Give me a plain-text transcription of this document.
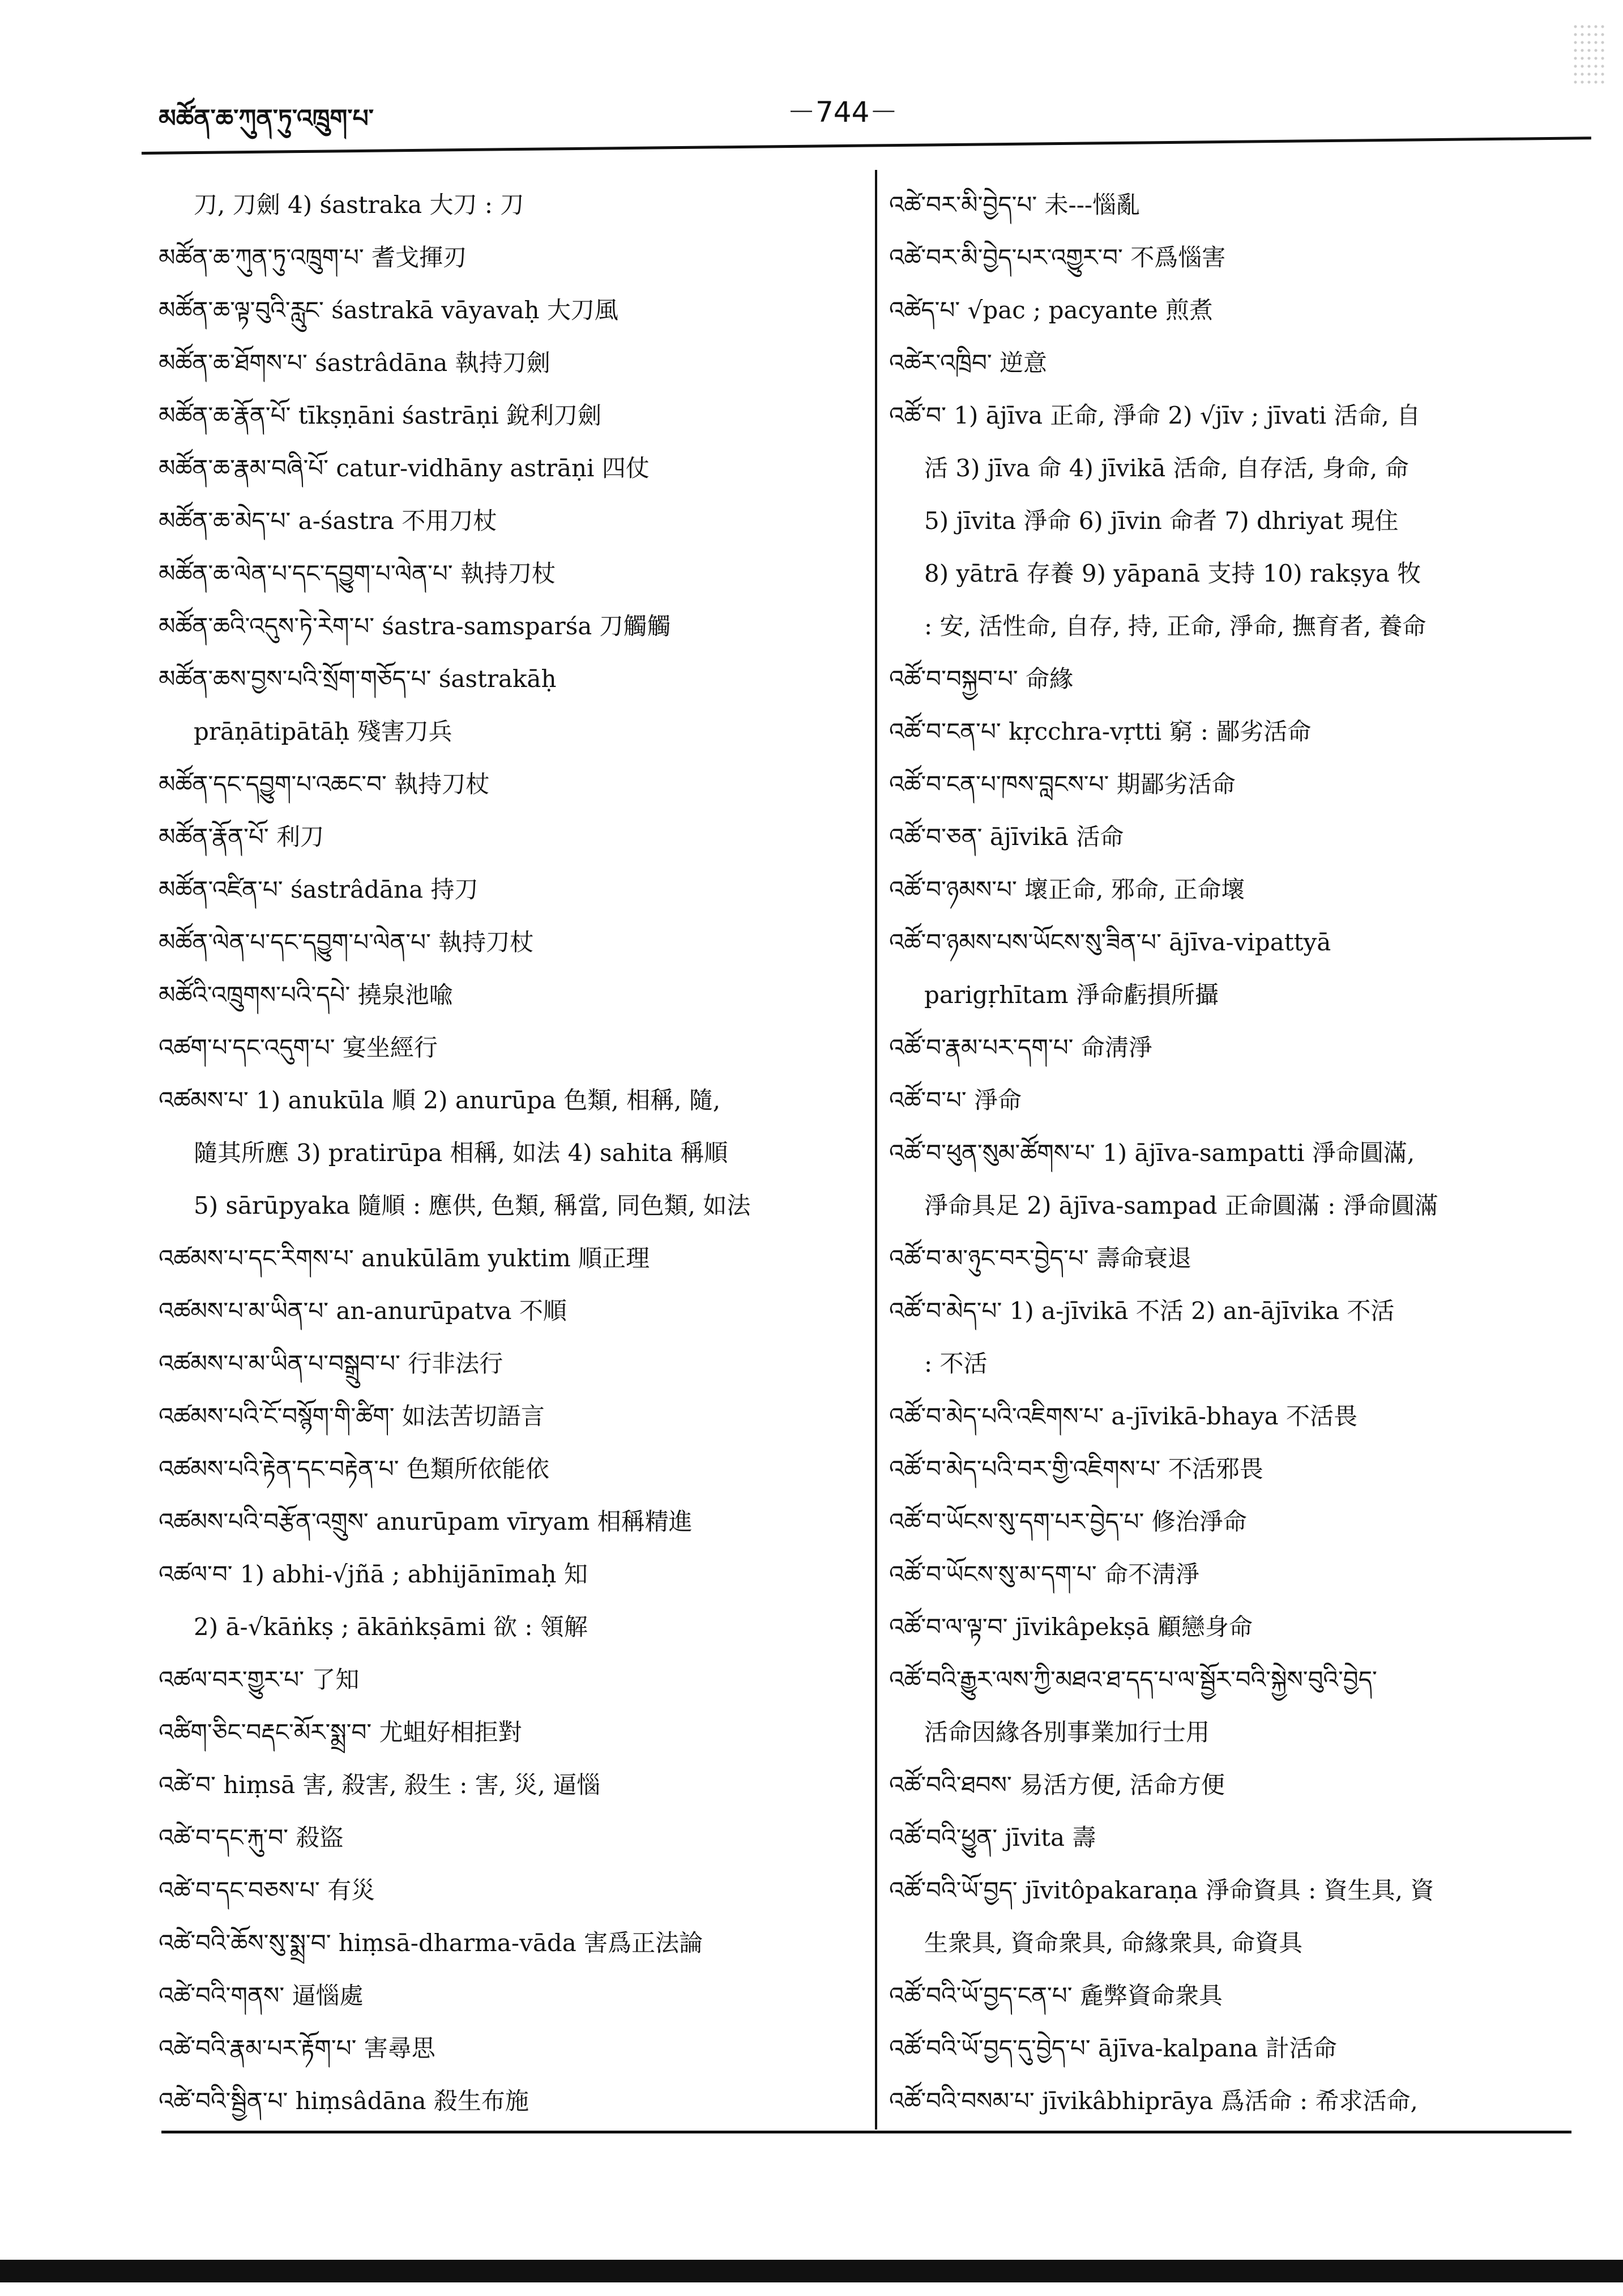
མཚོན་ཆ་ཀུན་ཏུ་འཁྲུག་པ་	－744－
刀, 刀劍 4) śastraka 大刀 : 刀
མཚོན་ཆ་ཀུན་ཏུ་འཁྲུག་པ་ 耆戈揮刃
མཚོན་ཆ་ལྟ་བུའི་རླུང་ śastrakā vāyavaḥ 大刀風
མཚོན་ཆ་ཐོགས་པ་ śastrâdāna 執持刀劍
མཚོན་ཆ་རྣོན་པོ་ tīkṣṇāni śastrāṇi 銳利刀劍
མཚོན་ཆ་རྣམ་བཞི་པོ་ catur-vidhāny astrāṇi 四仗
མཚོན་ཆ་མེད་པ་ a-śastra 不用刀杖
མཚོན་ཆ་ལེན་པ་དང་དབྱུག་པ་ལེན་པ་ 執持刀杖
མཚོན་ཆའི་འདུས་ཏེ་རེག་པ་ śastra-samsparśa 刀觸觸
མཚོན་ཆས་བྱས་པའི་སྲོག་གཅོད་པ་ śastrakāḥ
prāṇātipātāḥ 殘害刀兵
མཚོན་དང་དབྱུག་པ་འཆང་བ་ 執持刀杖
མཚོན་རྣོན་པོ་ 利刀
མཚོན་འཛིན་པ་ śastrâdāna 持刀
མཚོན་ལེན་པ་དང་དབྱུག་པ་ལེན་པ་ 執持刀杖
མཚོའི་འཁྲུགས་པའི་དཔེ་ 撓泉池喩
འཚག་པ་དང་འདུག་པ་ 宴坐經行
འཚམས་པ་ 1) anukūla 順 2) anurūpa 色類, 相稱, 隨,
隨其所應 3) pratirūpa 相稱, 如法 4) sahita 稱順
5) sārūpyaka 隨順 : 應供, 色類, 稱當, 同色類, 如法
འཚམས་པ་དང་རིགས་པ་ anukūlām yuktim 順正理
འཚམས་པ་མ་ཡིན་པ་ an-anurūpatva 不順
འཚམས་པ་མ་ཡིན་པ་བསྒྲུབ་པ་ 行非法行
འཚམས་པའི་ངོ་བསྙོག་གི་ཚིག་ 如法苦切語言
འཚམས་པའི་རྟེན་དང་བརྟེན་པ་ 色類所依能依
འཚམས་པའི་བརྩོན་འགྲུས་ anurūpam vīryam 相稱精進
འཚལ་བ་ 1) abhi-√jñā ; abhijānīmaḥ 知
2) ā-√kāṅkṣ ; ākāṅkṣāmi 欲 : 領解
འཚལ་བར་གྱུར་པ་ 了知
འཚིག་ཅིང་བརྡང་མོར་སྨྲ་བ་ 尤蛆好相拒對
འཚེ་བ་ hiṃsā 害, 殺害, 殺生 : 害, 災, 逼惱
འཚེ་བ་དང་རྐུ་བ་ 殺盜
འཚེ་བ་དང་བཅས་པ་ 有災
འཚེ་བའི་ཆོས་སུ་སྨྲ་བ་ hiṃsā-dharma-vāda 害爲正法論
འཚེ་བའི་གནས་ 逼惱處
འཚེ་བའི་རྣམ་པར་རྟོག་པ་ 害尋思
འཚེ་བའི་སྦྱིན་པ་ hiṃsâdāna 殺生布施
འཚེ་བར་མི་བྱེད་པ་ 未---惱亂
འཚེ་བར་མི་བྱེད་པར་འགྱུར་བ་ 不爲惱害
འཚེད་པ་ √pac ; pacyante 煎煮
འཚེར་འཁྲིབ་ 逆意
འཚོ་བ་ 1) ājīva 正命, 淨命 2) √jīv ; jīvati 活命, 自
活 3) jīva 命 4) jīvikā 活命, 自存活, 身命, 命
5) jīvita 淨命 6) jīvin 命者 7) dhriyat 現住
8) yātrā 存養 9) yāpanā 支持 10) rakṣya 牧
: 安, 活性命, 自存, 持, 正命, 淨命, 撫育者, 養命
འཚོ་བ་བསྐྱབ་པ་ 命緣
འཚོ་བ་ངན་པ་ kṛcchra-vṛtti 窮 : 鄙劣活命
འཚོ་བ་ངན་པ་ཁས་བླངས་པ་ 期鄙劣活命
འཚོ་བ་ཅན་ ājīvikā 活命
འཚོ་བ་ཉམས་པ་ 壞正命, 邪命, 正命壞
འཚོ་བ་ཉམས་པས་ཡོངས་སུ་ཟིན་པ་ ājīva-vipattyā
parigṛhītam 淨命虧損所攝
འཚོ་བ་རྣམ་པར་དག་པ་ 命淸淨
འཚོ་བ་པ་ 淨命
འཚོ་བ་ཕུན་སུམ་ཚོགས་པ་ 1) ājīva-sampatti 淨命圓滿,
淨命具足 2) ājīva-sampad 正命圓滿 : 淨命圓滿
འཚོ་བ་མ་ཉུང་བར་བྱེད་པ་ 壽命衰退
འཚོ་བ་མེད་པ་ 1) a-jīvikā 不活 2) an-ājīvika 不活
: 不活
འཚོ་བ་མེད་པའི་འཇིགས་པ་ a-jīvikā-bhaya 不活畏
འཚོ་བ་མེད་པའི་བར་གྱི་འཇིགས་པ་ 不活邪畏
འཚོ་བ་ཡོངས་སུ་དག་པར་བྱེད་པ་ 修治淨命
འཚོ་བ་ཡོངས་སུ་མ་དག་པ་ 命不淸淨
འཚོ་བ་ལ་ལྟ་བ་ jīvikâpekṣā 顧戀身命
འཚོ་བའི་རྒྱུར་ལས་ཀྱི་མཐའ་ཐ་དད་པ་ལ་སྦྱོར་བའི་སྐྱེས་བུའི་བྱེད་
活命因緣各別事業加行士用
འཚོ་བའི་ཐབས་ 易活方便, 活命方便
འཚོ་བའི་ཕྱུན་ jīvita 壽
འཚོ་བའི་ཡོ་བྱད་ jīvitôpakaraṇa 淨命資具 : 資生具, 資
生衆具, 資命衆具, 命緣衆具, 命資具
འཚོ་བའི་ཡོ་བྱད་ངན་པ་ 麁弊資命衆具
འཚོ་བའི་ཡོ་བྱད་དུ་བྱེད་པ་ ājīva-kalpana 計活命
འཚོ་བའི་བསམ་པ་ jīvikâbhiprāya 爲活命 : 希求活命,
